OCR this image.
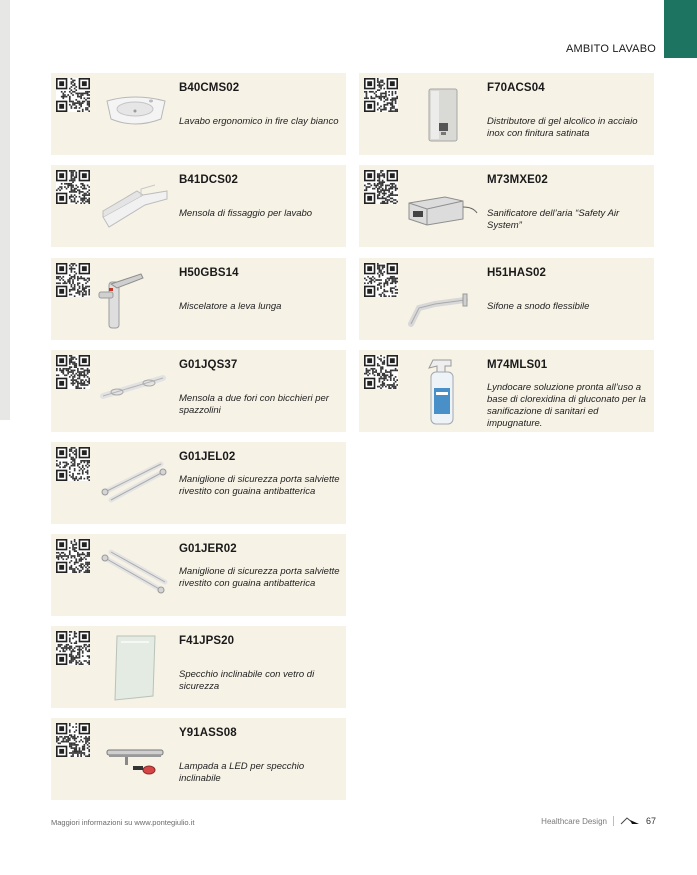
AMBITO LAVABO
B40CMS02
Lavabo ergonomico in fire clay bianco
F70ACS04
Distributore di gel alcolico in acciaio inox con finitura satinata
B41DCS02
Mensola di fissaggio per lavabo
M73MXE02
Sanificatore dell’aria “Safety Air System”
H50GBS14
Miscelatore a leva lunga
H51HAS02
Sifone a snodo flessibile
G01JQS37
Mensola a due fori con bicchieri per spazzolini
M74MLS01
Lyndocare soluzione pronta all’uso a base di clorexidina di gluconato per la sanificazione di sanitari ed impugnature.
G01JEL02
Maniglione di sicurezza porta salviette rivestito con guaina antibatterica
G01JER02
Maniglione di sicurezza porta salviette rivestito con guaina antibatterica
F41JPS20
Specchio inclinabile con vetro di sicurezza
Y91ASS08
Lampada a LED per specchio inclinabile
Maggiori informazioni su www.pontegiulio.it	Healthcare Design	67
